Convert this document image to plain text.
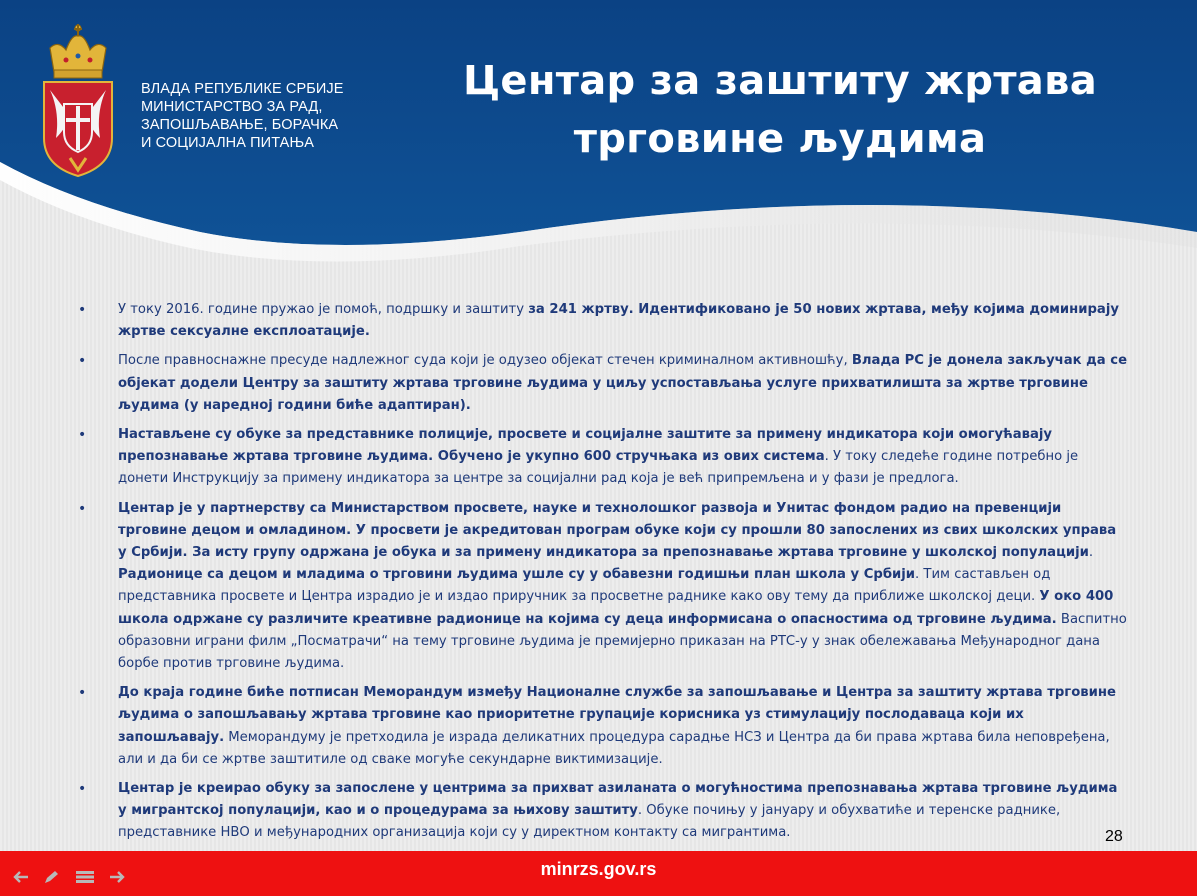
ВЛАДА РЕПУБЛИКЕ СРБИЈЕ
МИНИСТАРСТВО ЗА РАД,
ЗАПОШЉАВАЊЕ, БОРАЧКА
И СОЦИЈАЛНА ПИТАЊА
Центар за заштиту жртава
трговине људима
• У току 2016. године пружао је помоћ, подршку и заштиту за 241 жртву. Идентификовано је 50 нових жртава, међу којима доминирају жртве сексуалне експлоатације.
• После правноснажне пресуде надлежног суда који је одузео објекат стечен криминалном активношћу, Влада РС је донела закључак да се објекат додели Центру за заштиту жртава трговине људима у циљу успостављања услуге прихватилишта за жртве трговине људима (у наредној години биће адаптиран).
• Настављене су обуке за представнике полиције, просвете и социјалне заштите за примену индикатора који омогућавају препознавање жртава трговине људима. Обучено је укупно 600 стручњака из ових система. У току следеће године потребно је донети Инструкцију за примену индикатора за центре за социјални рад која је већ припремљена и у фази је предлога.
• Центар је у партнерству са Министарством просвете, науке и технолошког развоја и Унитас фондом радио на превенцији трговине децом и омладином. У просвети је акредитован програм обуке који су прошли 80 запослених из свих школских управа у Србији. За исту групу одржана је обука и за примену индикатора за препознавање жртава трговине у школској популацији. Радионице са децом и младима о трговини људима ушле су у обавезни годишњи план школа у Србији. Тим састављен од представника просвете и Центра израдио је и издао приручник за просветне раднике како ову тему да приближе школској деци. У око 400 школа одржане су различите креативне радионице на којима су деца информисана о опасностима од трговине људима. Васпитно образовни играни филм „Посматрачи“ на тему трговине људима је премијерно приказан на РТС-у у знак обележавања Међународног дана борбе против трговине људима.
• До краја године биће потписан Меморандум између Националне службе за запошљавање и Центра за заштиту жртава трговине људима о запошљавању жртава трговине као приоритетне групације корисника уз стимулацију послодаваца који их запошљавају. Меморандуму је претходила је израда деликатних процедура сарадње НСЗ и Центра да би права жртава била неповређена, али и да би се жртве заштитиле од сваке могуће секундарне виктимизације.
• Центар је креирао обуку за запослене у центрима за прихват азиланата о могућностима препознавања жртава трговине људима у мигрантској популацији, као и о процедурама за њихову заштиту. Обуке почињу у јануару и обухватиће и теренске раднике, представнике НВО и међународних организација који су у директном контакту са мигрантима.	28
minrzs.gov.rs
